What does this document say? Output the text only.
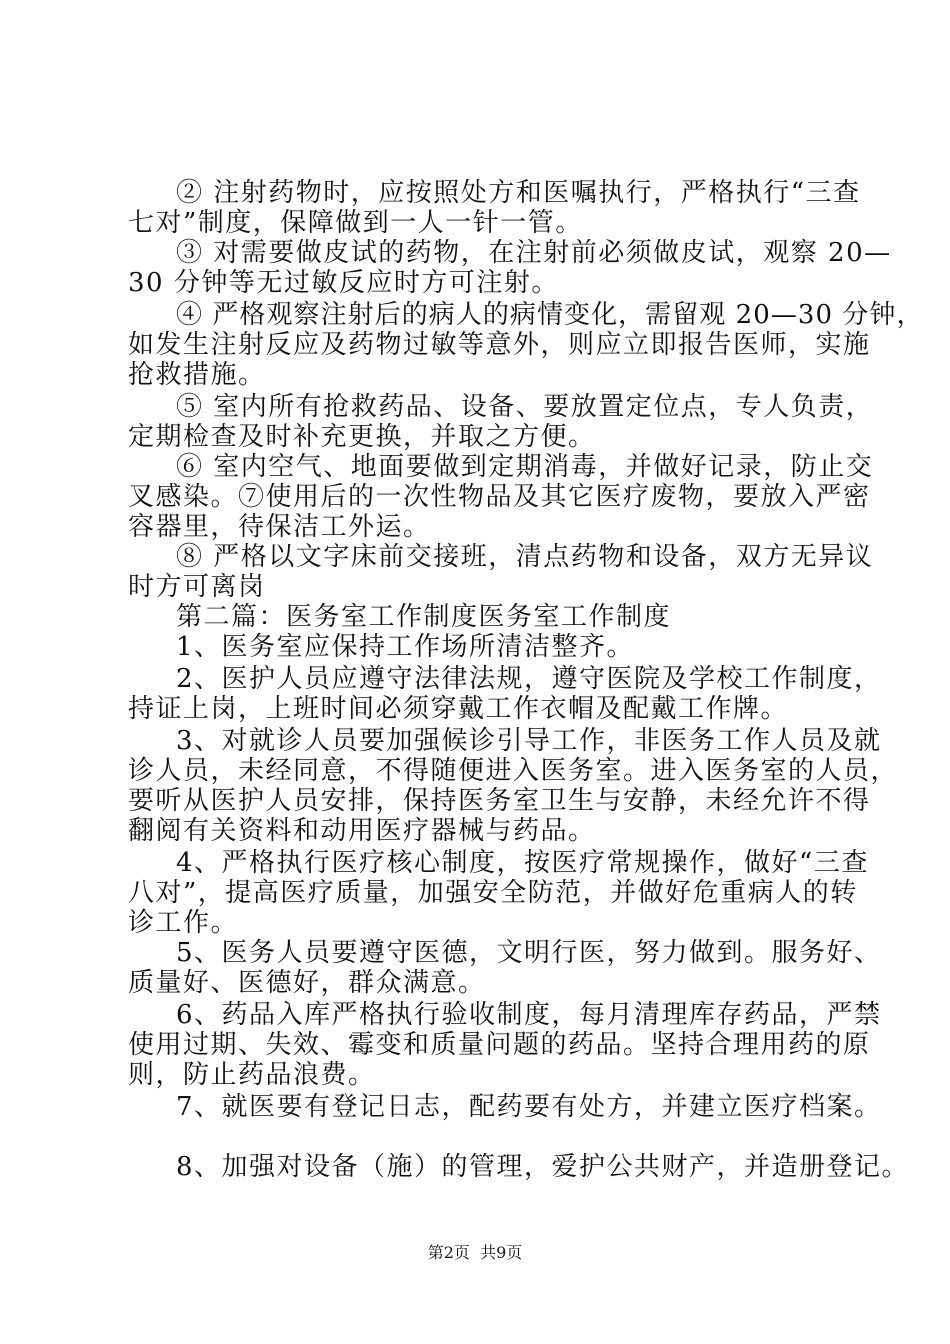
② 注射药物时，应按照处方和医嘱执行，严格执行“三查
七对”制度，保障做到一人一针一管。
③ 对需要做皮试的药物，在注射前必须做皮试，观察 20—
30 分钟等无过敏反应时方可注射。
④ 严格观察注射后的病人的病情变化，需留观 20—30 分钟，
如发生注射反应及药物过敏等意外，则应立即报告医师，实施
抢救措施。
⑤ 室内所有抢救药品、设备、要放置定位点，专人负责，
定期检查及时补充更换，并取之方便。
⑥ 室内空气、地面要做到定期消毒，并做好记录，防止交
叉感染。⑦使用后的一次性物品及其它医疗废物，要放入严密
容器里，待保洁工外运。
⑧ 严格以文字床前交接班，清点药物和设备，双方无异议
时方可离岗
第二篇：医务室工作制度医务室工作制度
1、医务室应保持工作场所清洁整齐。
2、医护人员应遵守法律法规，遵守医院及学校工作制度，
持证上岗，上班时间必须穿戴工作衣帽及配戴工作牌。
3、对就诊人员要加强候诊引导工作，非医务工作人员及就
诊人员，未经同意，不得随便进入医务室。进入医务室的人员，
要听从医护人员安排，保持医务室卫生与安静，未经允许不得
翻阅有关资料和动用医疗器械与药品。
4、严格执行医疗核心制度，按医疗常规操作，做好“三查
八对”，提高医疗质量，加强安全防范，并做好危重病人的转
诊工作。
5、医务人员要遵守医德，文明行医，努力做到。服务好、
质量好、医德好，群众满意。
6、药品入库严格执行验收制度，每月清理库存药品，严禁
使用过期、失效、霉变和质量问题的药品。坚持合理用药的原
则，防止药品浪费。
7、就医要有登记日志，配药要有处方，并建立医疗档案。
8、加强对设备（施）的管理，爱护公共财产，并造册登记。
第2页  共9页
